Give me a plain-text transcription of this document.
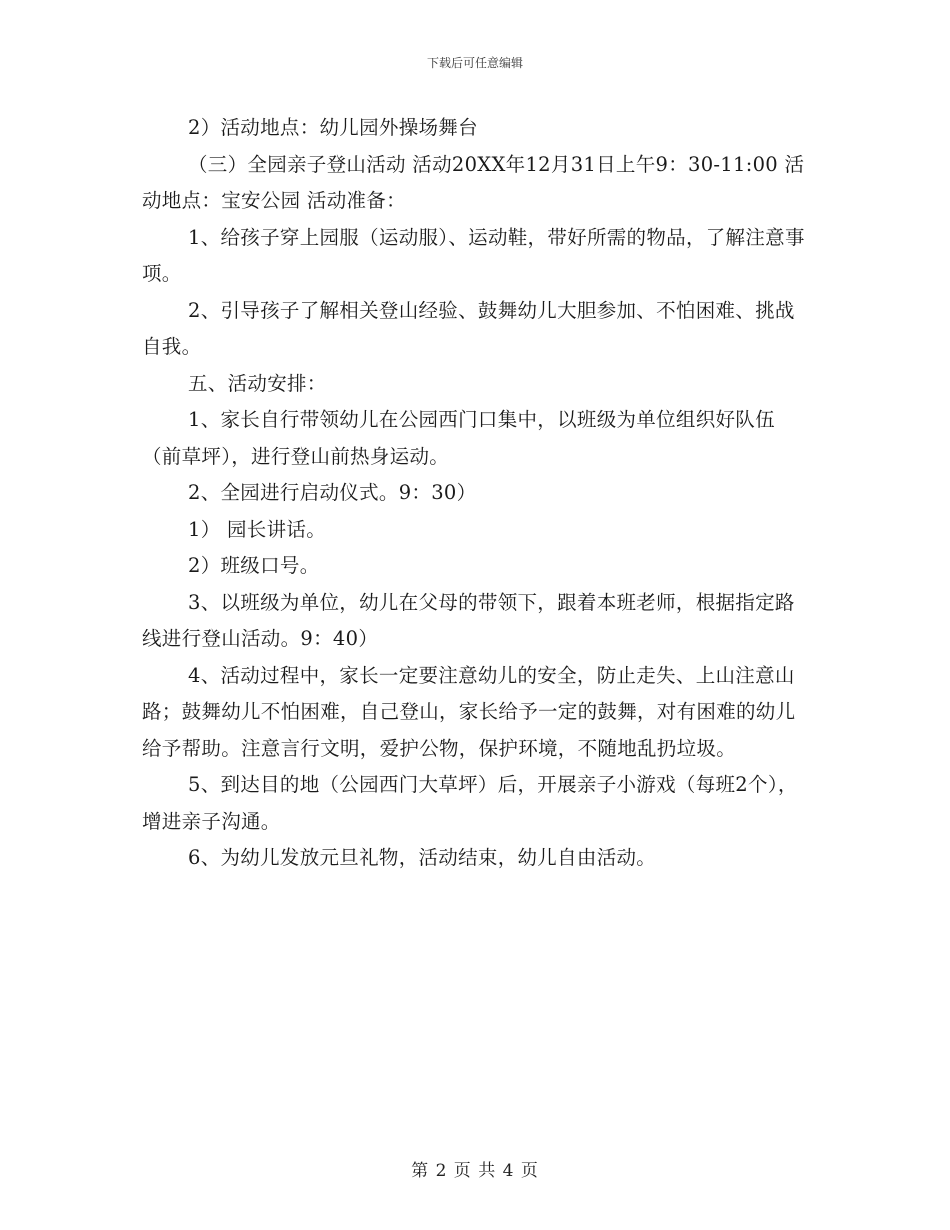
下载后可任意编辑

2）活动地点：幼儿园外操场舞台

（三）全园亲子登山活动 活动20XX年12月31日上午9：30-11:00 活动地点：宝安公园 活动准备：

1、给孩子穿上园服（运动服）、运动鞋，带好所需的物品，了解注意事项。

2、引导孩子了解相关登山经验、鼓舞幼儿大胆参加、不怕困难、挑战自我。

五、活动安排：

1、家长自行带领幼儿在公园西门口集中，以班级为单位组织好队伍（前草坪），进行登山前热身运动。

2、全园进行启动仪式。9：30）

1） 园长讲话。

2）班级口号。

3、以班级为单位，幼儿在父母的带领下，跟着本班老师，根据指定路线进行登山活动。9：40）

4、活动过程中，家长一定要注意幼儿的安全，防止走失、上山注意山路；鼓舞幼儿不怕困难，自己登山，家长给予一定的鼓舞，对有困难的幼儿给予帮助。注意言行文明，爱护公物，保护环境，不随地乱扔垃圾。

5、到达目的地（公园西门大草坪）后，开展亲子小游戏（每班2个），增进亲子沟通。

6、为幼儿发放元旦礼物，活动结束，幼儿自由活动。

第 2 页 共 4 页
